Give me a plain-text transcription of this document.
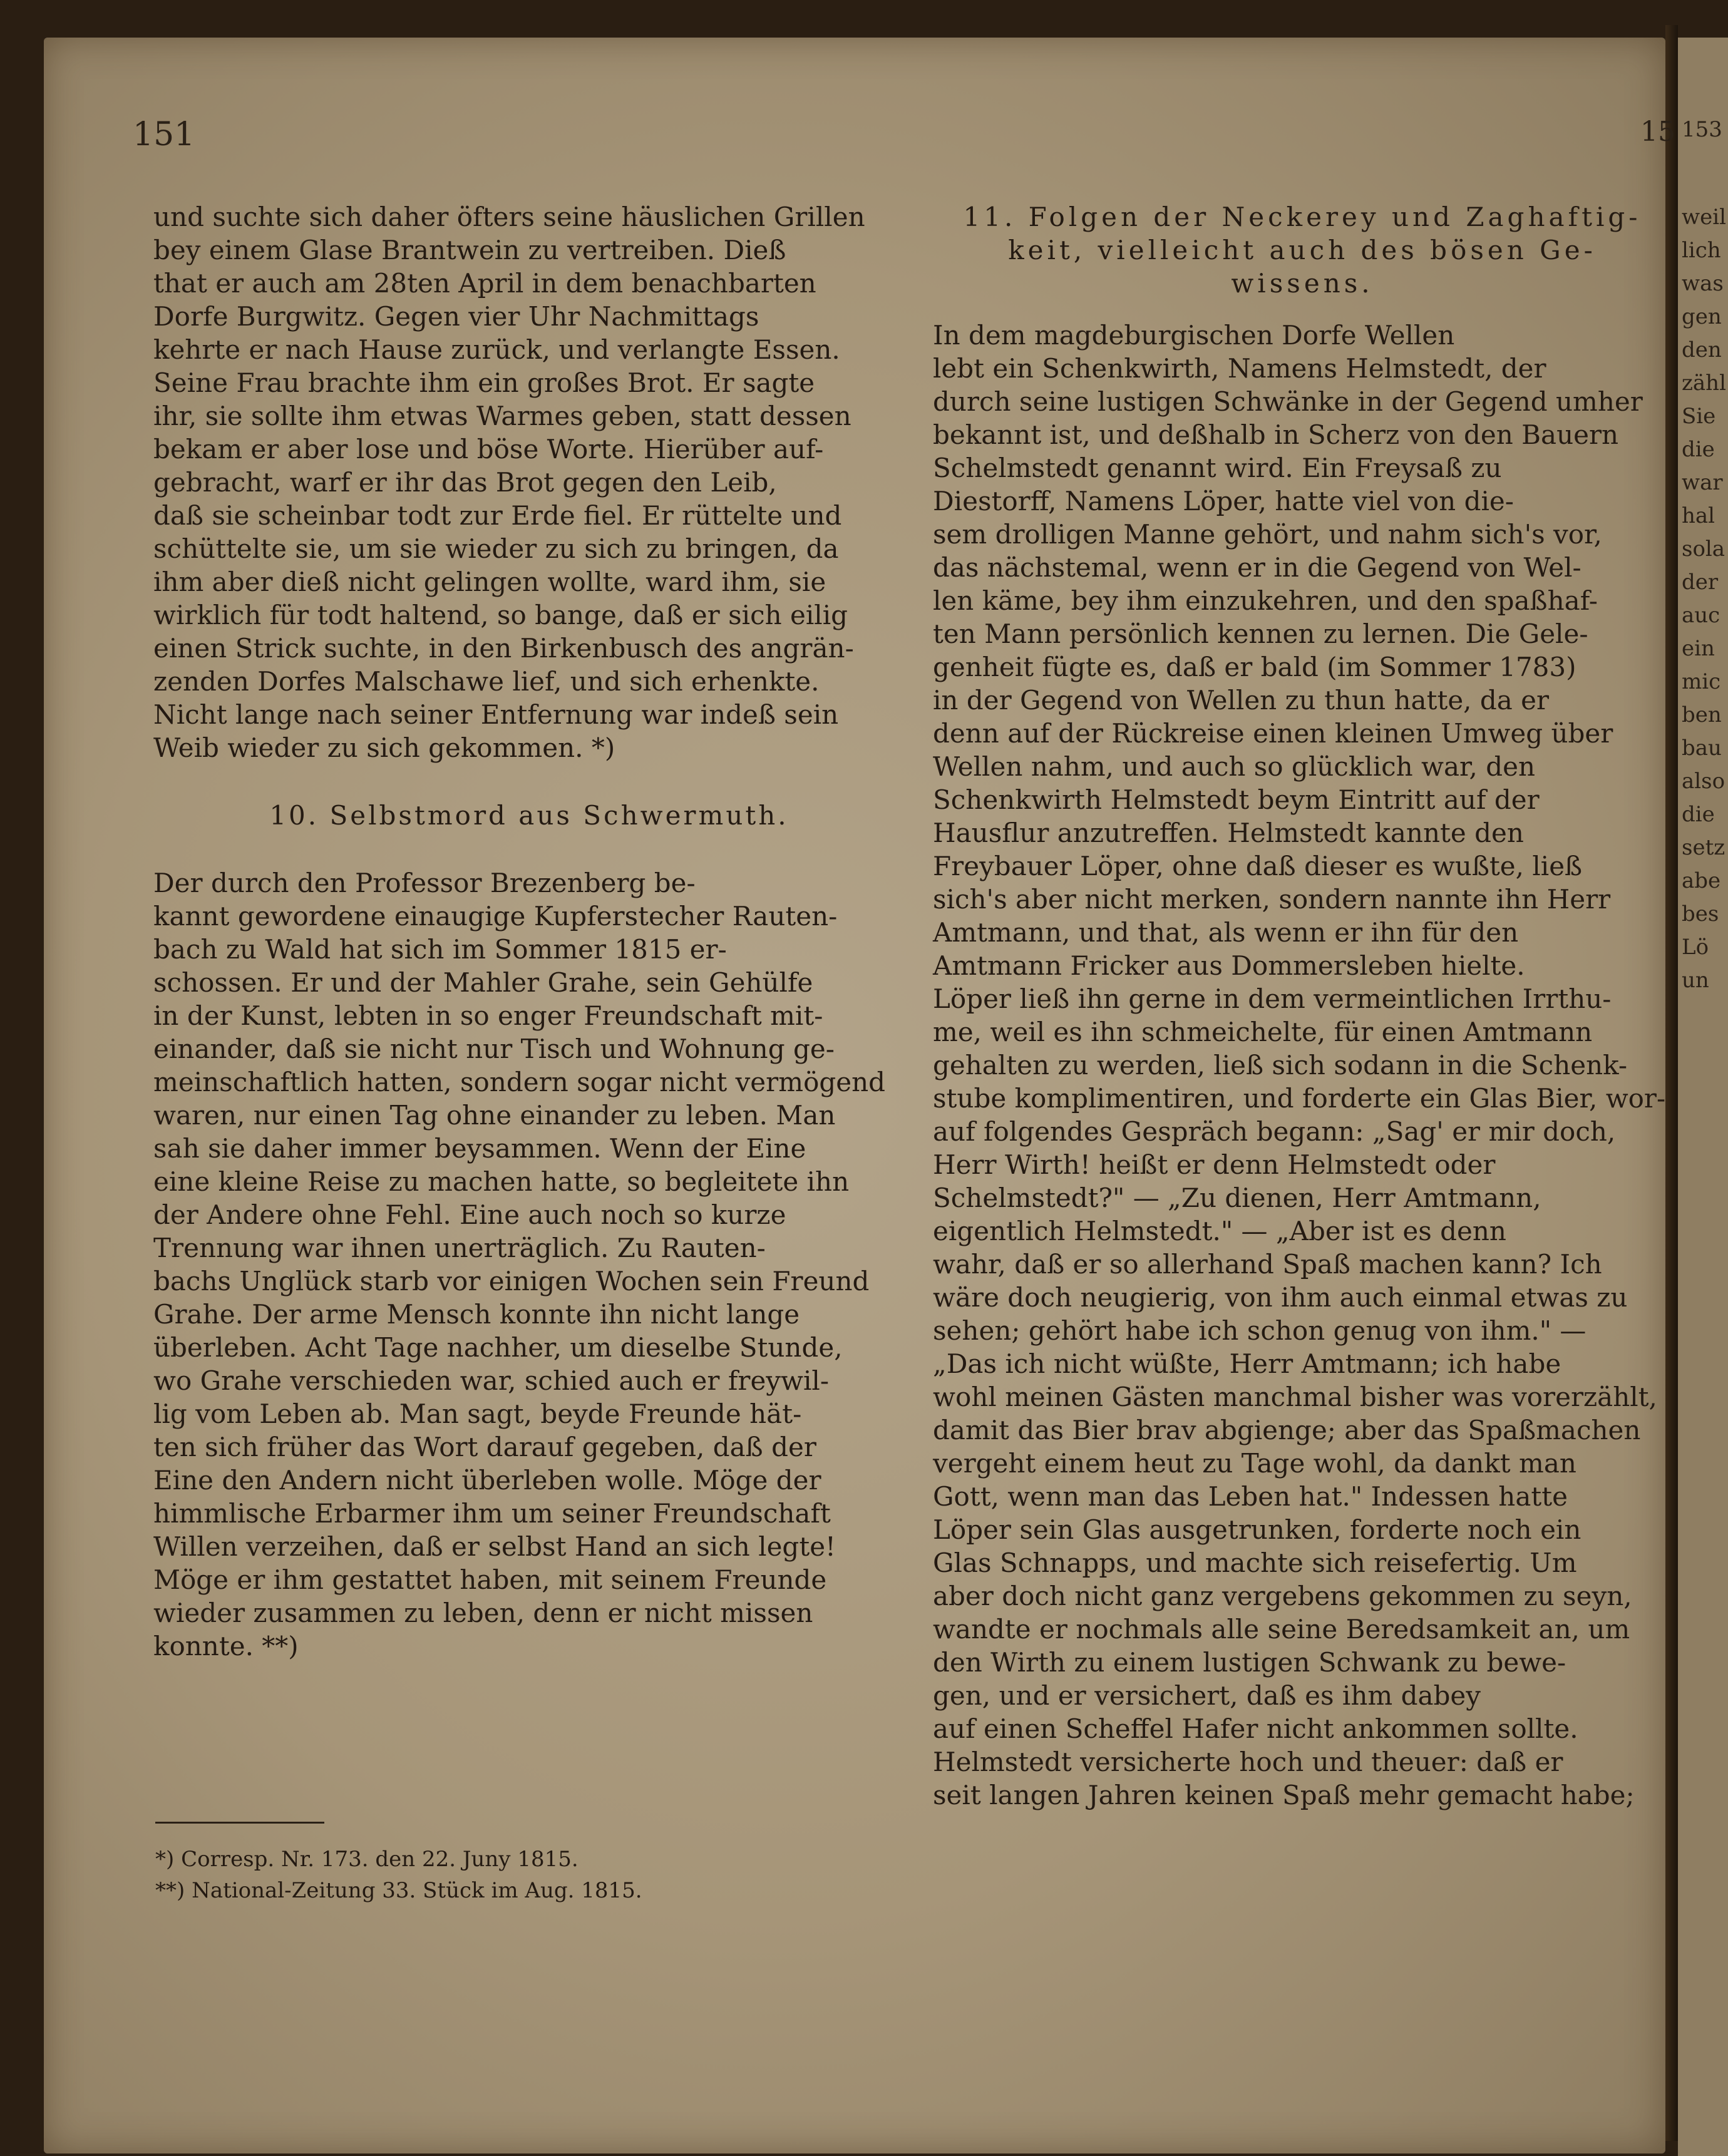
153
weil
lich
was
gen
den
zähl
Sie
die
war
hal
sola
der
auc
ein
mic
ben
bau
also
die
setz
abe
bes
Lö
un
151	15
und suchte sich daher öfters seine häuslichen Grillen
bey einem Glase Brantwein zu vertreiben. Dieß
that er auch am 28ten April in dem benachbarten
Dorfe Burgwitz. Gegen vier Uhr Nachmittags
kehrte er nach Hause zurück, und verlangte Essen.
Seine Frau brachte ihm ein großes Brot. Er sagte
ihr, sie sollte ihm etwas Warmes geben, statt dessen
bekam er aber lose und böse Worte. Hierüber auf-
gebracht, warf er ihr das Brot gegen den Leib,
daß sie scheinbar todt zur Erde fiel. Er rüttelte und
schüttelte sie, um sie wieder zu sich zu bringen, da
ihm aber dieß nicht gelingen wollte, ward ihm, sie
wirklich für todt haltend, so bange, daß er sich eilig
einen Strick suchte, in den Birkenbusch des angrän-
zenden Dorfes Malschawe lief, und sich erhenkte.
Nicht lange nach seiner Entfernung war indeß sein
Weib wieder zu sich gekommen. *)
10. Selbstmord aus Schwermuth.
Der durch den Professor Brezenberg be-
kannt gewordene einaugige Kupferstecher Rauten-
bach zu Wald hat sich im Sommer 1815 er-
schossen. Er und der Mahler Grahe, sein Gehülfe
in der Kunst, lebten in so enger Freundschaft mit-
einander, daß sie nicht nur Tisch und Wohnung ge-
meinschaftlich hatten, sondern sogar nicht vermögend
waren, nur einen Tag ohne einander zu leben. Man
sah sie daher immer beysammen. Wenn der Eine
eine kleine Reise zu machen hatte, so begleitete ihn
der Andere ohne Fehl. Eine auch noch so kurze
Trennung war ihnen unerträglich. Zu Rauten-
bachs Unglück starb vor einigen Wochen sein Freund
Grahe. Der arme Mensch konnte ihn nicht lange
überleben. Acht Tage nachher, um dieselbe Stunde,
wo Grahe verschieden war, schied auch er freywil-
lig vom Leben ab. Man sagt, beyde Freunde hät-
ten sich früher das Wort darauf gegeben, daß der
Eine den Andern nicht überleben wolle. Möge der
himmlische Erbarmer ihm um seiner Freundschaft
Willen verzeihen, daß er selbst Hand an sich legte!
Möge er ihm gestattet haben, mit seinem Freunde
wieder zusammen zu leben, denn er nicht missen
konnte. **)
*) Corresp. Nr. 173. den 22. Juny 1815.
**) National-Zeitung 33. Stück im Aug. 1815.
11. Folgen der Neckerey und Zaghaftig-
keit, vielleicht auch des bösen Ge-
wissens.
In dem magdeburgischen Dorfe Wellen
lebt ein Schenkwirth, Namens Helmstedt, der
durch seine lustigen Schwänke in der Gegend umher
bekannt ist, und deßhalb in Scherz von den Bauern
Schelmstedt genannt wird. Ein Freysaß zu
Diestorff, Namens Löper, hatte viel von die-
sem drolligen Manne gehört, und nahm sich's vor,
das nächstemal, wenn er in die Gegend von Wel-
len käme, bey ihm einzukehren, und den spaßhaf-
ten Mann persönlich kennen zu lernen. Die Gele-
genheit fügte es, daß er bald (im Sommer 1783)
in der Gegend von Wellen zu thun hatte, da er
denn auf der Rückreise einen kleinen Umweg über
Wellen nahm, und auch so glücklich war, den
Schenkwirth Helmstedt beym Eintritt auf der
Hausflur anzutreffen. Helmstedt kannte den
Freybauer Löper, ohne daß dieser es wußte, ließ
sich's aber nicht merken, sondern nannte ihn Herr
Amtmann, und that, als wenn er ihn für den
Amtmann Fricker aus Dommersleben hielte.
Löper ließ ihn gerne in dem vermeintlichen Irrthu-
me, weil es ihn schmeichelte, für einen Amtmann
gehalten zu werden, ließ sich sodann in die Schenk-
stube komplimentiren, und forderte ein Glas Bier, wor-
auf folgendes Gespräch begann: „Sag' er mir doch,
Herr Wirth! heißt er denn Helmstedt oder
Schelmstedt?" — „Zu dienen, Herr Amtmann,
eigentlich Helmstedt." — „Aber ist es denn
wahr, daß er so allerhand Spaß machen kann? Ich
wäre doch neugierig, von ihm auch einmal etwas zu
sehen; gehört habe ich schon genug von ihm." —
„Das ich nicht wüßte, Herr Amtmann; ich habe
wohl meinen Gästen manchmal bisher was vorerzählt,
damit das Bier brav abgienge; aber das Spaßmachen
vergeht einem heut zu Tage wohl, da dankt man
Gott, wenn man das Leben hat." Indessen hatte
Löper sein Glas ausgetrunken, forderte noch ein
Glas Schnapps, und machte sich reisefertig. Um
aber doch nicht ganz vergebens gekommen zu seyn,
wandte er nochmals alle seine Beredsamkeit an, um
den Wirth zu einem lustigen Schwank zu bewe-
gen, und er versichert, daß es ihm dabey
auf einen Scheffel Hafer nicht ankommen sollte.
Helmstedt versicherte hoch und theuer: daß er
seit langen Jahren keinen Spaß mehr gemacht habe;
